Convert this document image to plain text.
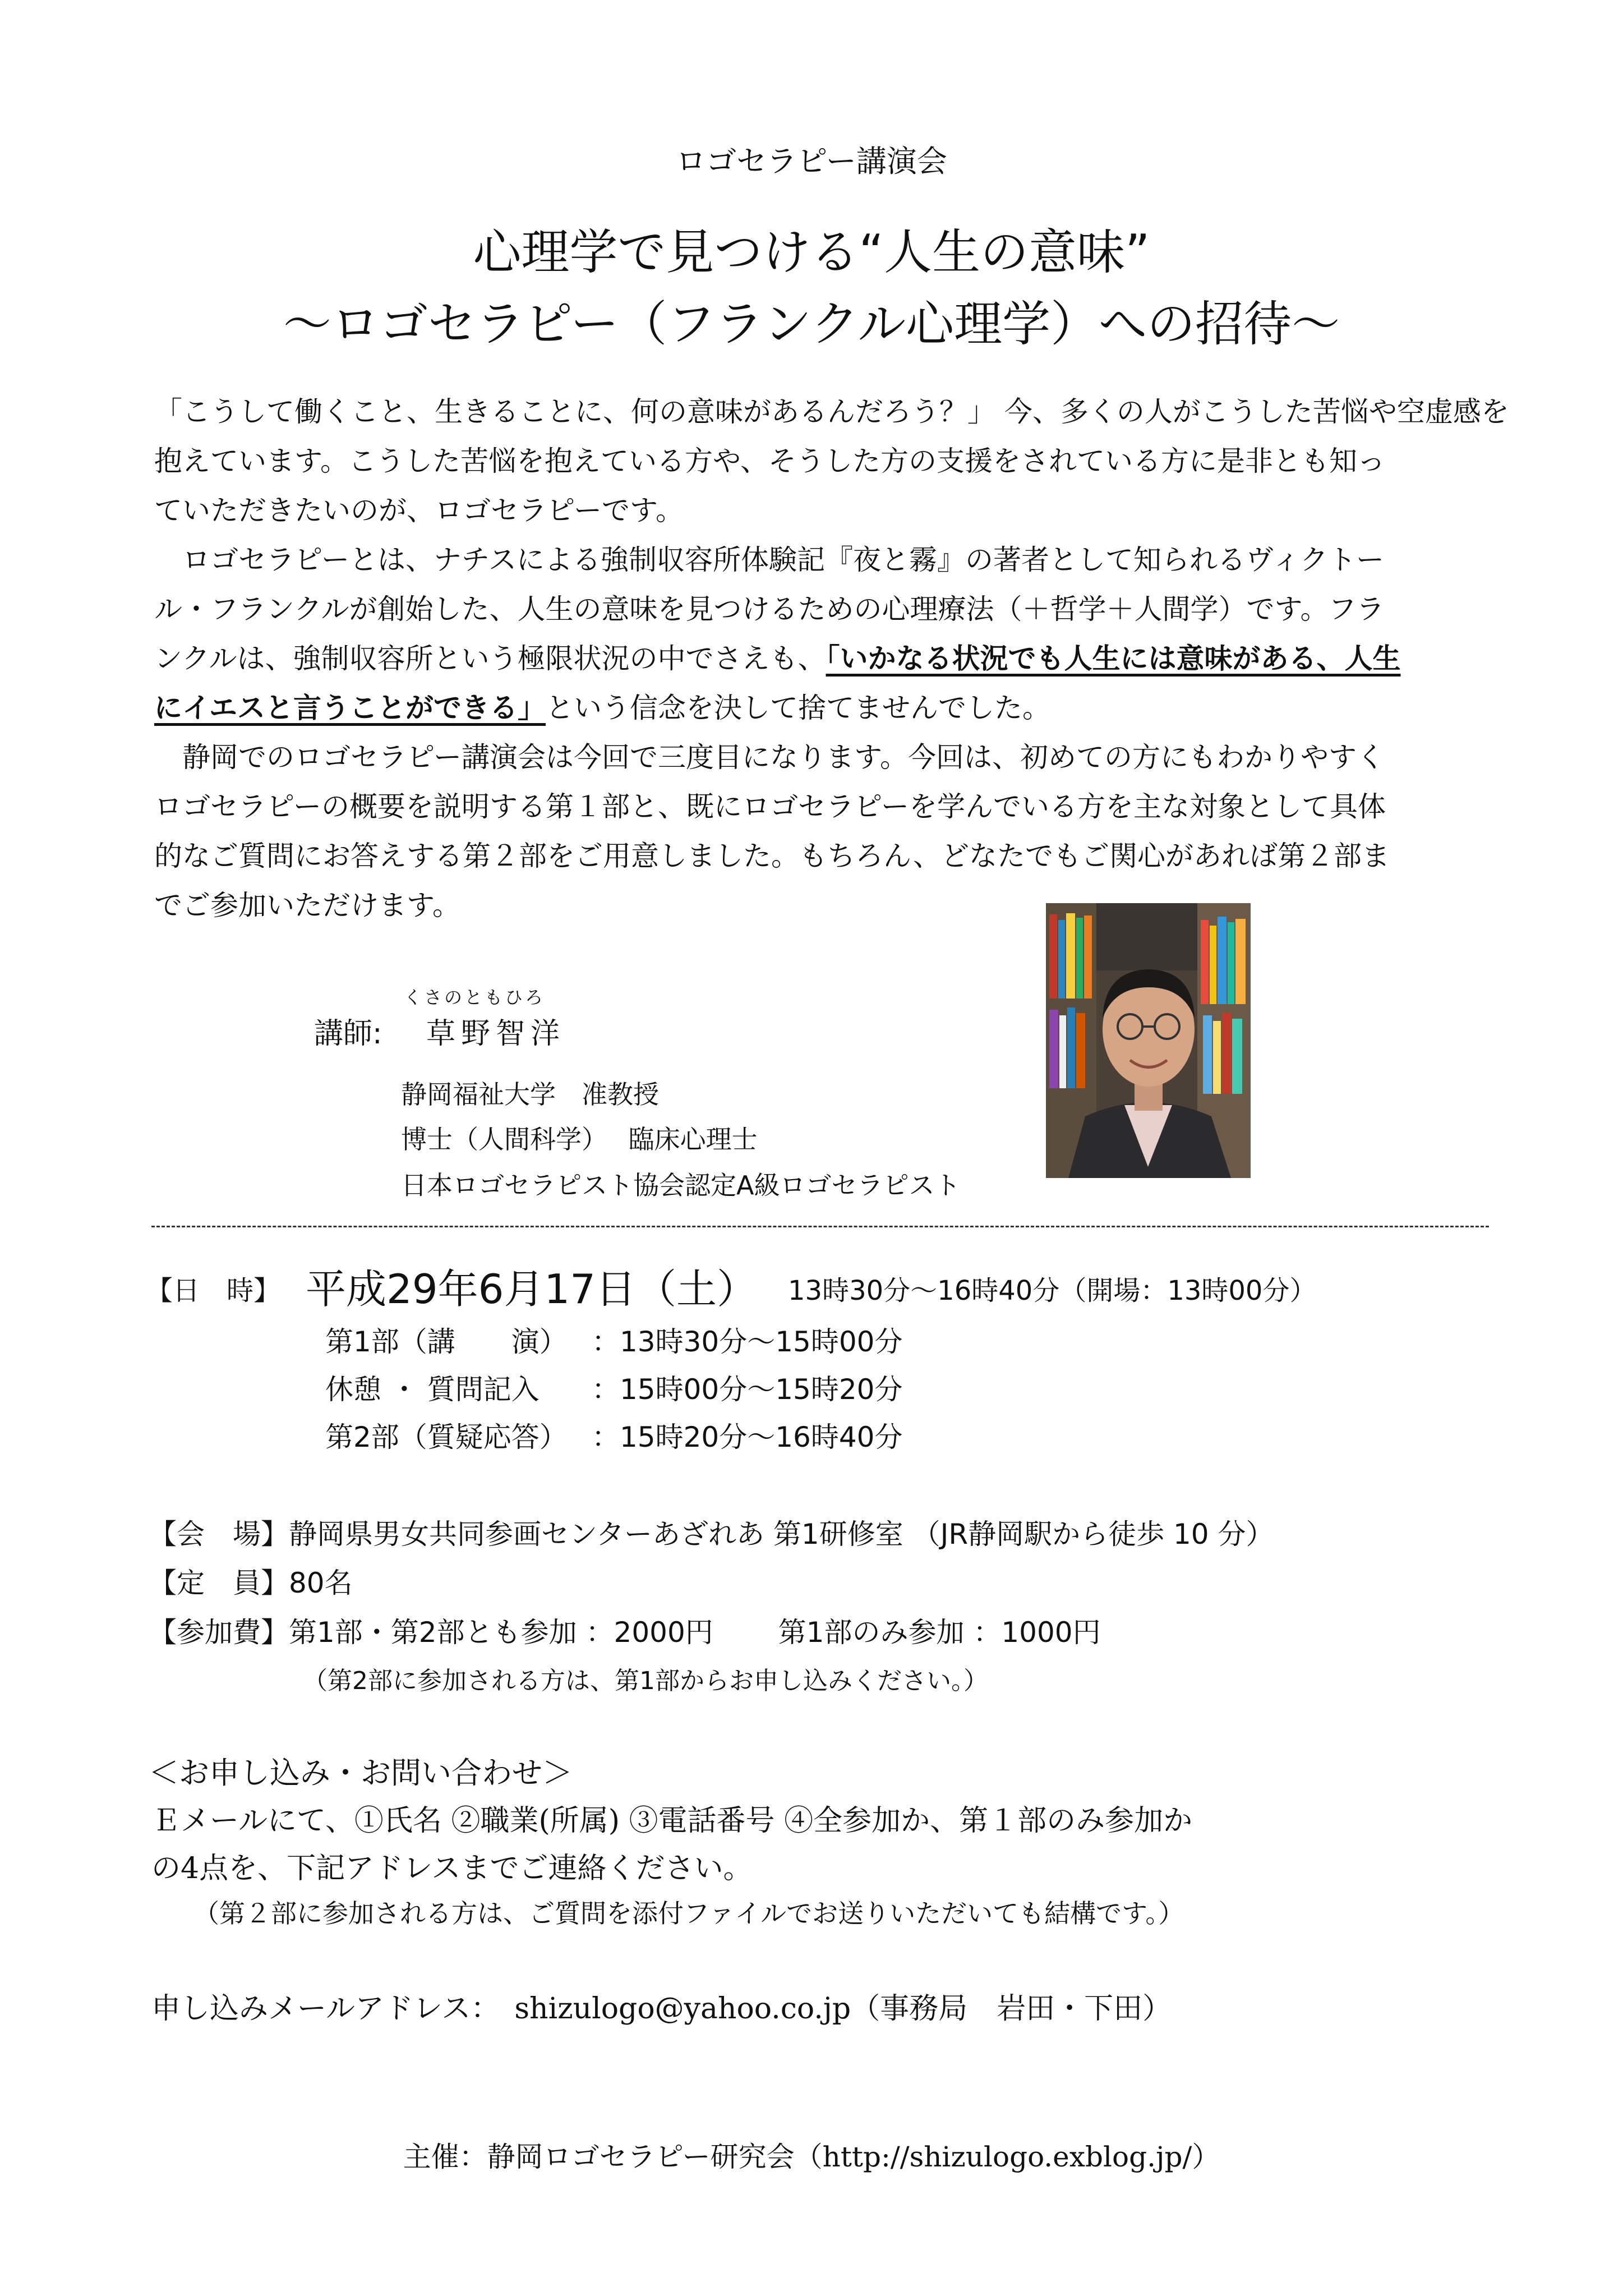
ロゴセラピー講演会
心理学で見つける“人生の意味”
～ロゴセラピー（フランクル心理学）への招待～
「こうして働くこと、生きることに、何の意味があるんだろう？」 今、多くの人がこうした苦悩や空虚感を
抱えています。こうした苦悩を抱えている方や、そうした方の支援をされている方に是非とも知っ
ていただきたいのが、ロゴセラピーです。
　ロゴセラピーとは、ナチスによる強制収容所体験記『夜と霧』の著者として知られるヴィクトー
ル・フランクルが創始した、人生の意味を見つけるための心理療法（＋哲学＋人間学）です。フラ
ンクルは、強制収容所という極限状況の中でさえも、「いかなる状況でも人生には意味がある、人生
にイエスと言うことができる」という信念を決して捨てませんでした。
　静岡でのロゴセラピー講演会は今回で三度目になります。今回は、初めての方にもわかりやすく
ロゴセラピーの概要を説明する第１部と、既にロゴセラピーを学んでいる方を主な対象として具体
的なご質問にお答えする第２部をご用意しました。もちろん、どなたでもご関心があれば第２部ま
でご参加いただけます。
くさのともひろ
講師: 草野智洋
静岡福祉大学　准教授
博士（人間科学）　 臨床心理士
日本ロゴセラピスト協会認定A級ロゴセラピスト
【日　時】 平成29年6月17日（土） 13時30分～16時40分（開場：13時00分）
第1部（講　　演） ：13時30分～15時00分
休憩 ・ 質問記入 ：15時00分～15時20分
第2部（質疑応答） ：15時20分～16時40分
【会　場】静岡県男女共同参画センターあざれあ 第1研修室 （JR静岡駅から徒歩 10 分）
【定　員】80名
【参加費】第1部・第2部とも参加 ：2000円　　 第1部のみ参加 ：1000円
（第2部に参加される方は、第1部からお申し込みください。）
＜お申し込み・お問い合わせ＞
Ｅメールにて、①氏名 ②職業(所属) ③電話番号 ④全参加か、第１部のみ参加か
の4点を、下記アドレスまでご連絡ください。
（第２部に参加される方は、ご質問を添付ファイルでお送りいただいても結構です。）
申し込みメールアドレス：　shizulogo@yahoo.co.jp（事務局　岩田・下田）
主催：静岡ロゴセラピー研究会（http://shizulogo.exblog.jp/）
